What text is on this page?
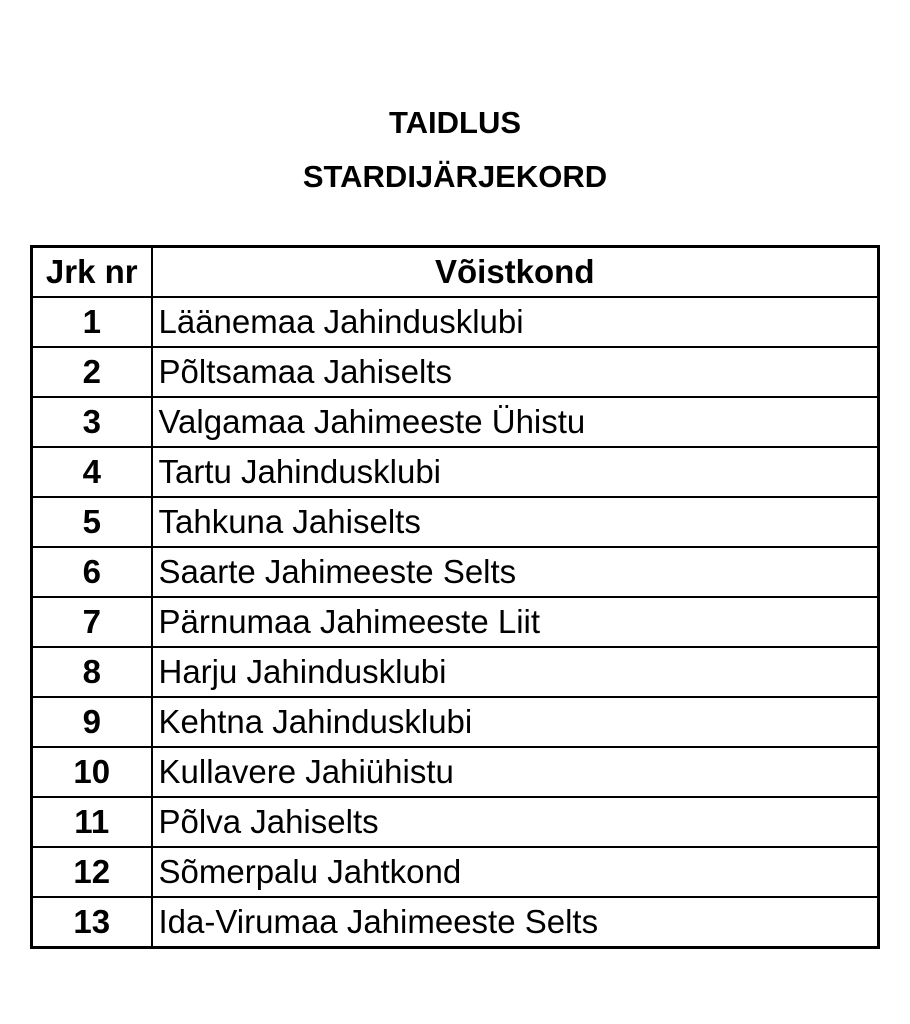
TAIDLUS
STARDIJÄRJEKORD
Jrk nr	Võistkond
1	Läänemaa Jahindusklubi
2	Põltsamaa Jahiselts
3	Valgamaa Jahimeeste Ühistu
4	Tartu Jahindusklubi
5	Tahkuna Jahiselts
6	Saarte Jahimeeste Selts
7	Pärnumaa Jahimeeste Liit
8	Harju Jahindusklubi
9	Kehtna Jahindusklubi
10	Kullavere Jahiühistu
11	Põlva Jahiselts
12	Sõmerpalu Jahtkond
13	Ida-Virumaa Jahimeeste Selts
